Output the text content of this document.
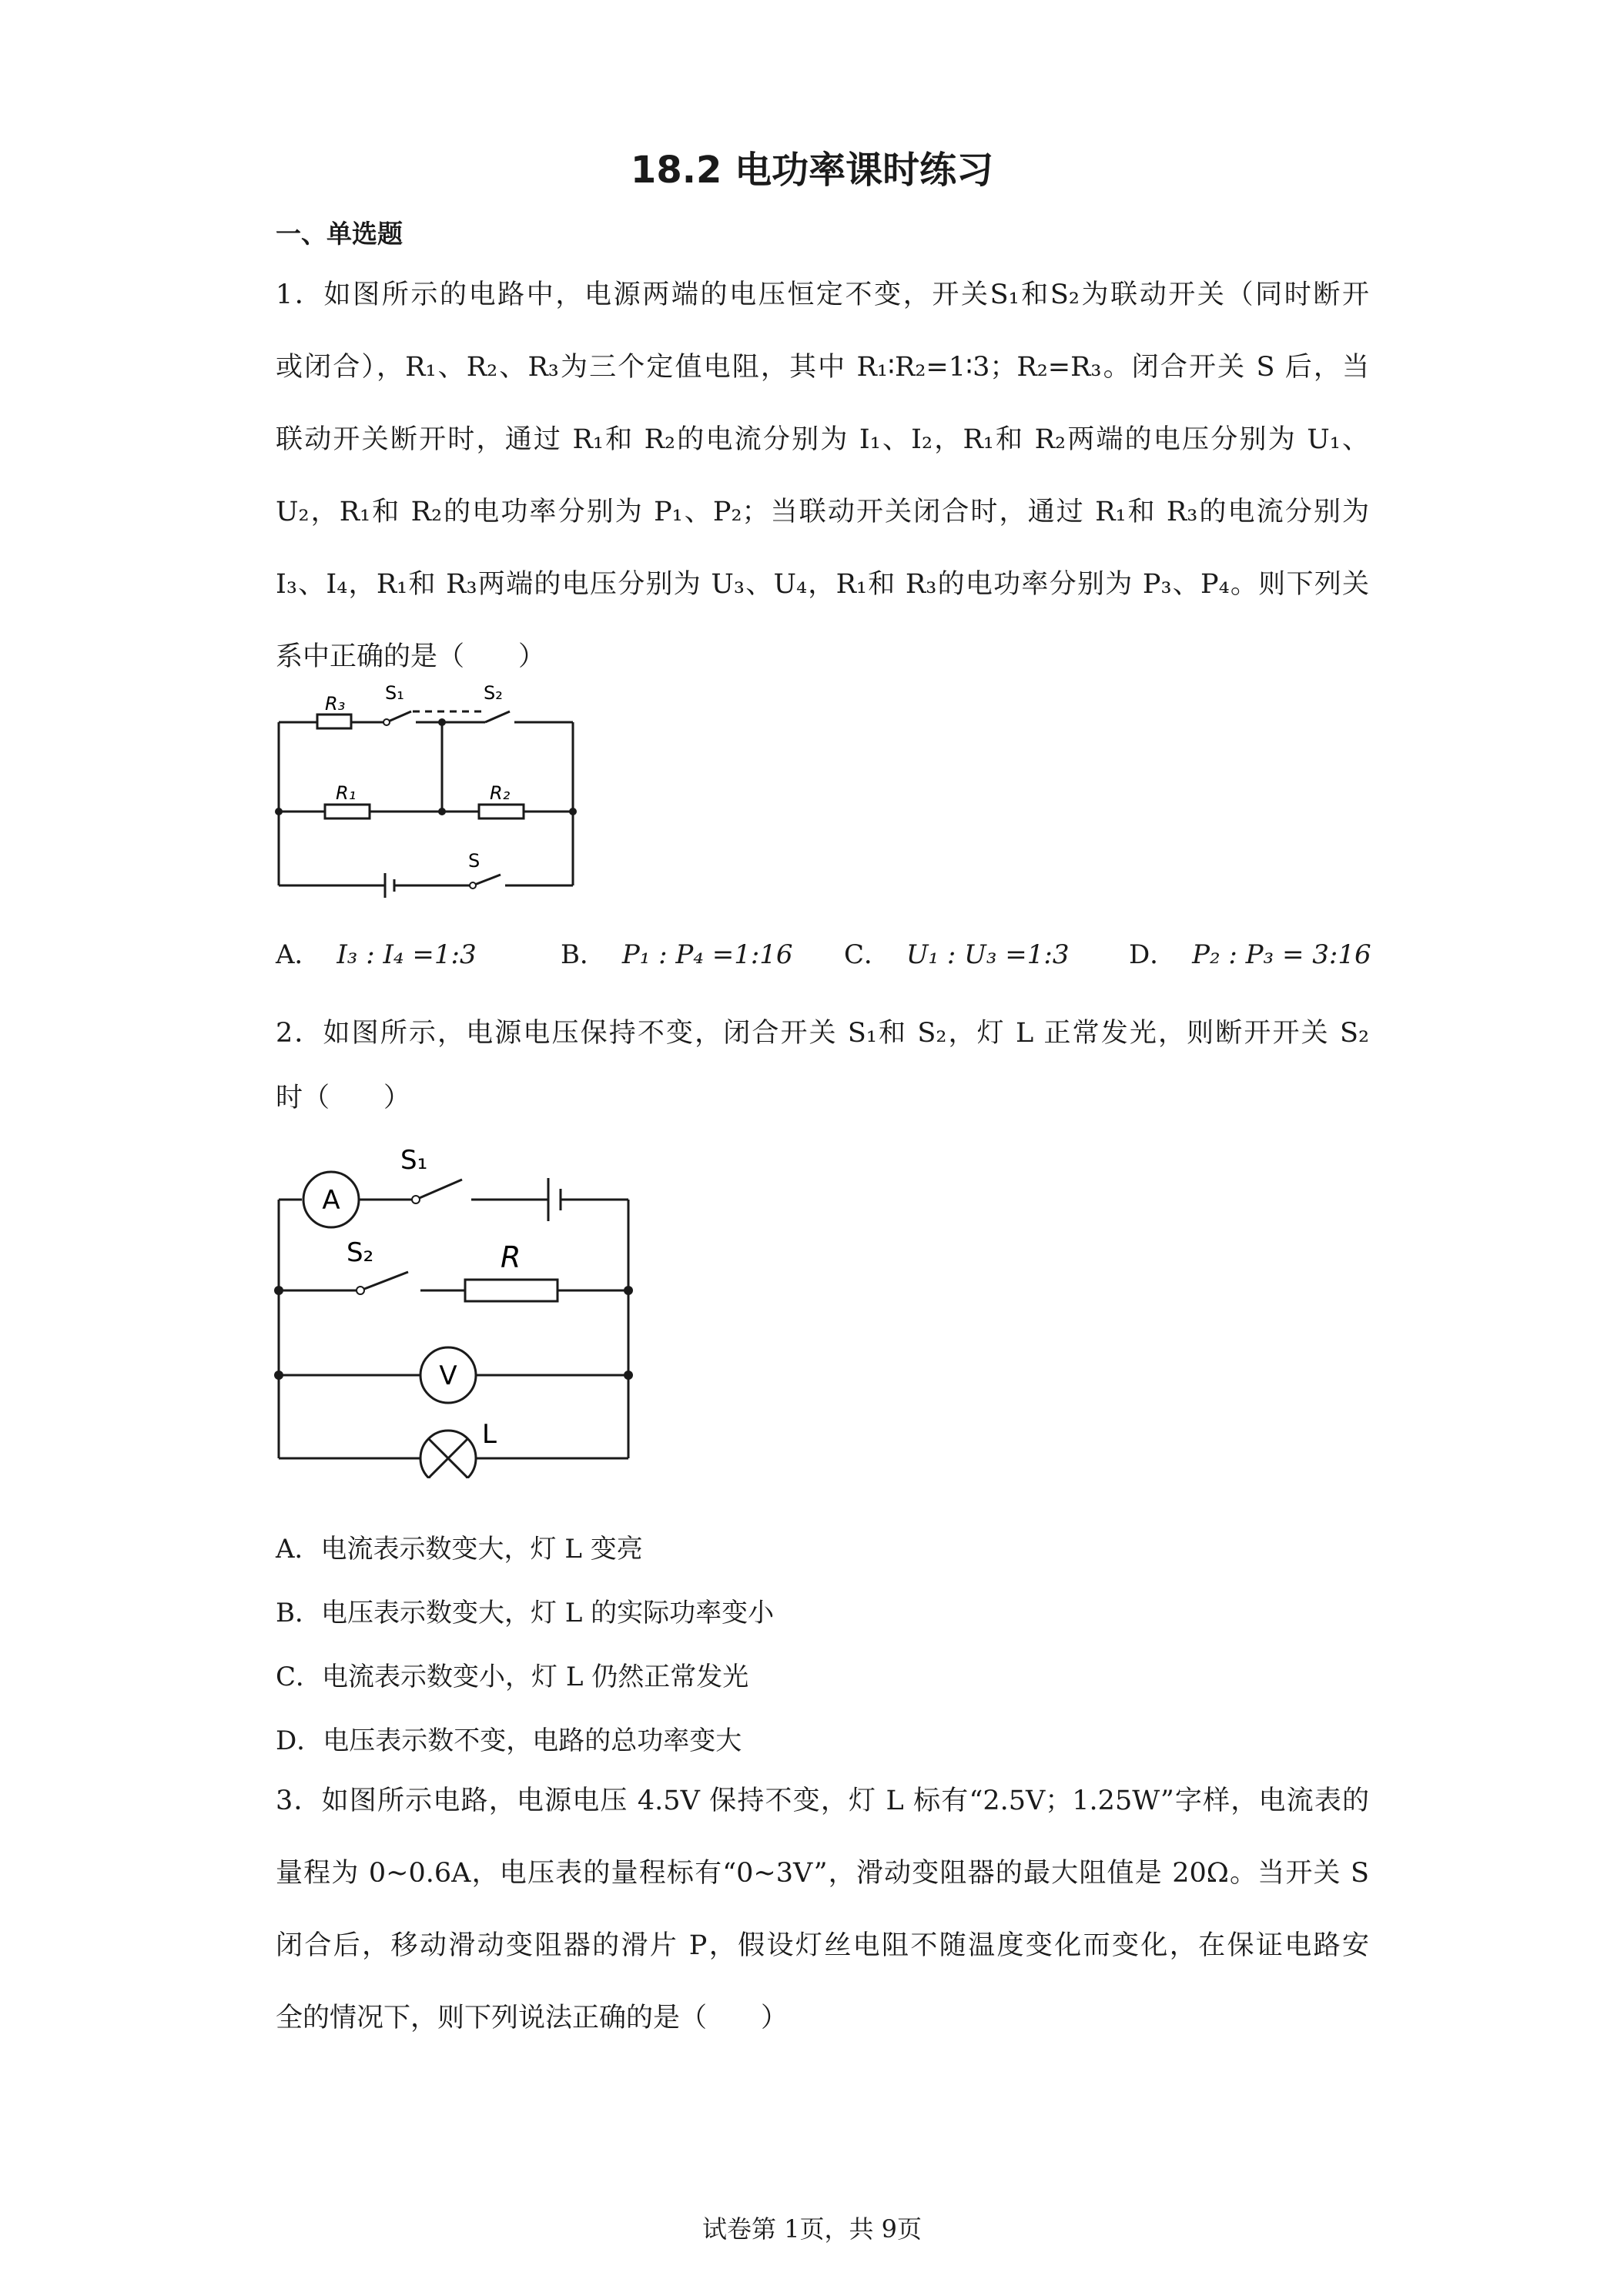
18.2 电功率课时练习
一、单选题

1．如图所示的电路中，电源两端的电压恒定不变，开关S₁和S₂为联动开关（同时断开

或闭合），R₁、R₂、R₃为三个定值电阻，其中 R₁∶R₂=1∶3；R₂=R₃。闭合开关 S 后，当

联动开关断开时，通过 R₁和 R₂的电流分别为 I₁、I₂，R₁和 R₂两端的电压分别为 U₁、

U₂，R₁和 R₂的电功率分别为 P₁、P₂；当联动开关闭合时，通过 R₁和 R₃的电流分别为

I₃、I₄，R₁和 R₃两端的电压分别为 U₃、U₄，R₁和 R₃的电功率分别为 P₃、P₄。则下列关

系中正确的是（　　）

R₃ S₁	S₂
R₁	R₂
S
A． I₃ : I₄ =1:3	B． P₁ : P₄ =1:16 C． U₁ : U₃ =1:3 D． P₂ : P₃ = 3:16

2．如图所示，电源电压保持不变，闭合开关 S₁和 S₂，灯 L 正常发光，则断开开关 S₂

时（　　）

A
S₁
S₂	R
V
L
A．电流表示数变大，灯 L 变亮
B．电压表示数变大，灯 L 的实际功率变小
C．电流表示数变小，灯 L 仍然正常发光
D．电压表示数不变，电路的总功率变大

3．如图所示电路，电源电压 4.5V 保持不变，灯 L 标有“2.5V；1.25W”字样，电流表的

量程为 0~0.6A，电压表的量程标有“0~3V”，滑动变阻器的最大阻值是 20Ω。当开关 S

闭合后，移动滑动变阻器的滑片 P，假设灯丝电阻不随温度变化而变化，在保证电路安

全的情况下，则下列说法正确的是（　　）

试卷第 1页，共 9页
